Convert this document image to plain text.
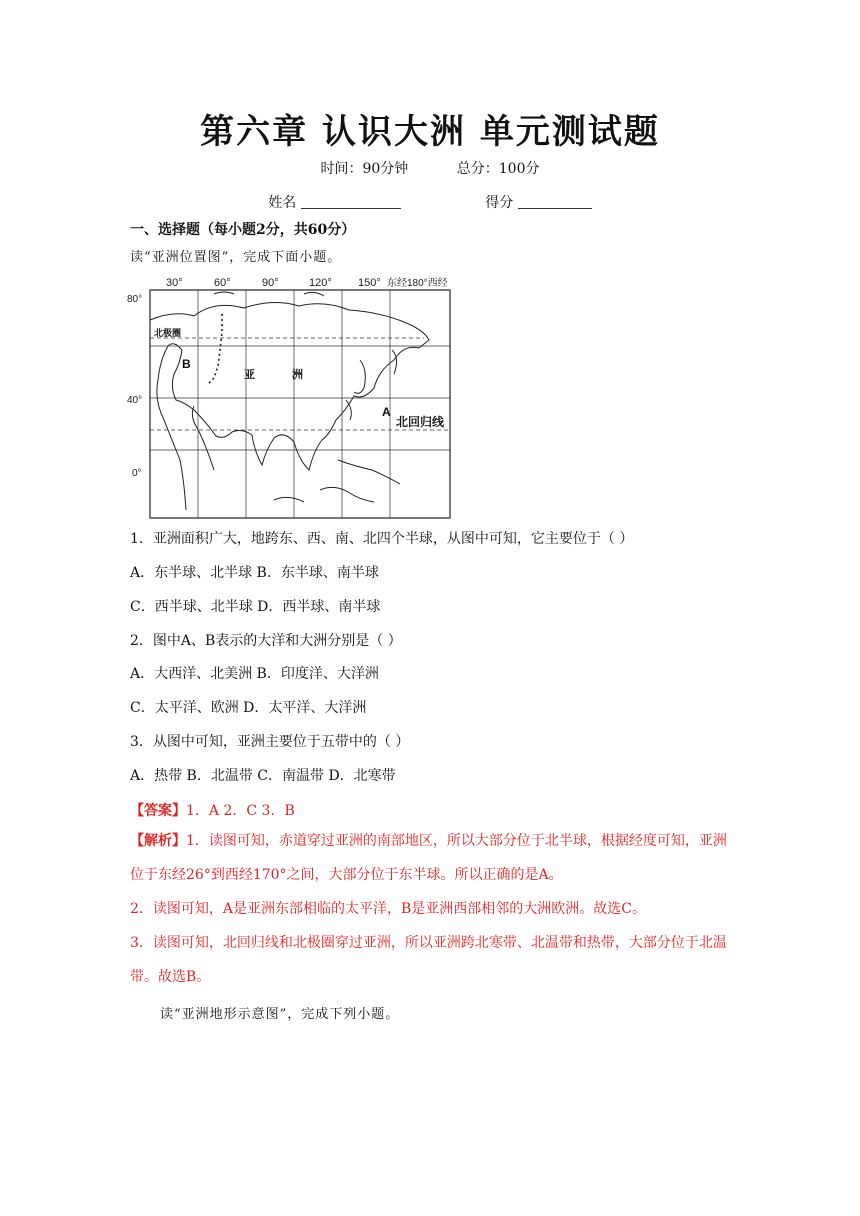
第六章 认识大洲 单元测试题
时间：90分钟	总分：100分
姓名	得分
一、选择题（每小题2分，共60分）
读“亚洲位置图”，完成下面小题。
30°	60°	90°	120° 150° 东经180°西经
80°
40°
0°
北极圈
B
亚	洲
A
北回归线
1．亚洲面积广大，地跨东、西、南、北四个半球，从图中可知，它主要位于（ ）
A．东半球、北半球 B．东半球、南半球
C．西半球、北半球 D．西半球、南半球
2．图中A、B表示的大洋和大洲分别是（ ）
A．大西洋、北美洲 B．印度洋、大洋洲
C．太平洋、欧洲 D．太平洋、大洋洲
3．从图中可知，亚洲主要位于五带中的（ ）
A．热带 B．北温带 C．南温带 D．北寒带
【答案】1．A 2．C 3．B
【解析】1．读图可知，赤道穿过亚洲的南部地区，所以大部分位于北半球，根据经度可知，亚洲位于东经26°到西经170°之间，大部分位于东半球。所以正确的是A。
2．读图可知，A是亚洲东部相临的太平洋，B是亚洲西部相邻的大洲欧洲。故选C。
3．读图可知，北回归线和北极圈穿过亚洲，所以亚洲跨北寒带、北温带和热带，大部分位于北温带。故选B。
读“亚洲地形示意图”，完成下列小题。
